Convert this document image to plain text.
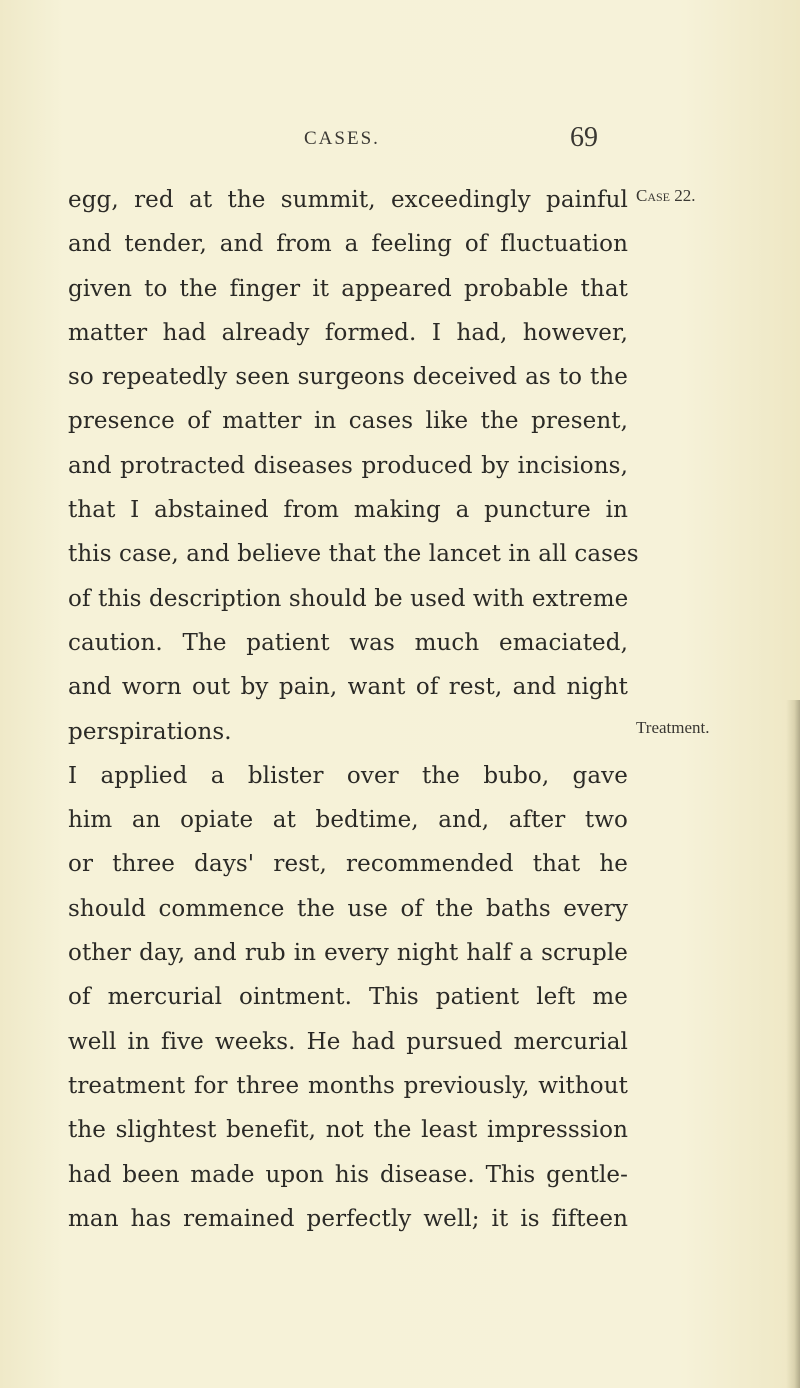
CASES.	69
Case 22.
Treatment.
egg, red at the summit, exceedingly painful
and tender, and from a feeling of fluctuation
given to the finger it appeared probable that
matter had already formed. I had, however,
so repeatedly seen surgeons deceived as to the
presence of matter in cases like the present,
and protracted diseases produced by incisions,
that I abstained from making a puncture in
this case, and believe that the lancet in all cases
of this description should be used with extreme
caution. The patient was much emaciated,
and worn out by pain, want of rest, and night
perspirations.
I applied a blister over the bubo, gave
him an opiate at bedtime, and, after two
or three days' rest, recommended that he
should commence the use of the baths every
other day, and rub in every night half a scruple
of mercurial ointment. This patient left me
well in five weeks. He had pursued mercurial
treatment for three months previously, without
the slightest benefit, not the least impresssion
had been made upon his disease. This gentle-
man has remained perfectly well; it is fifteen
